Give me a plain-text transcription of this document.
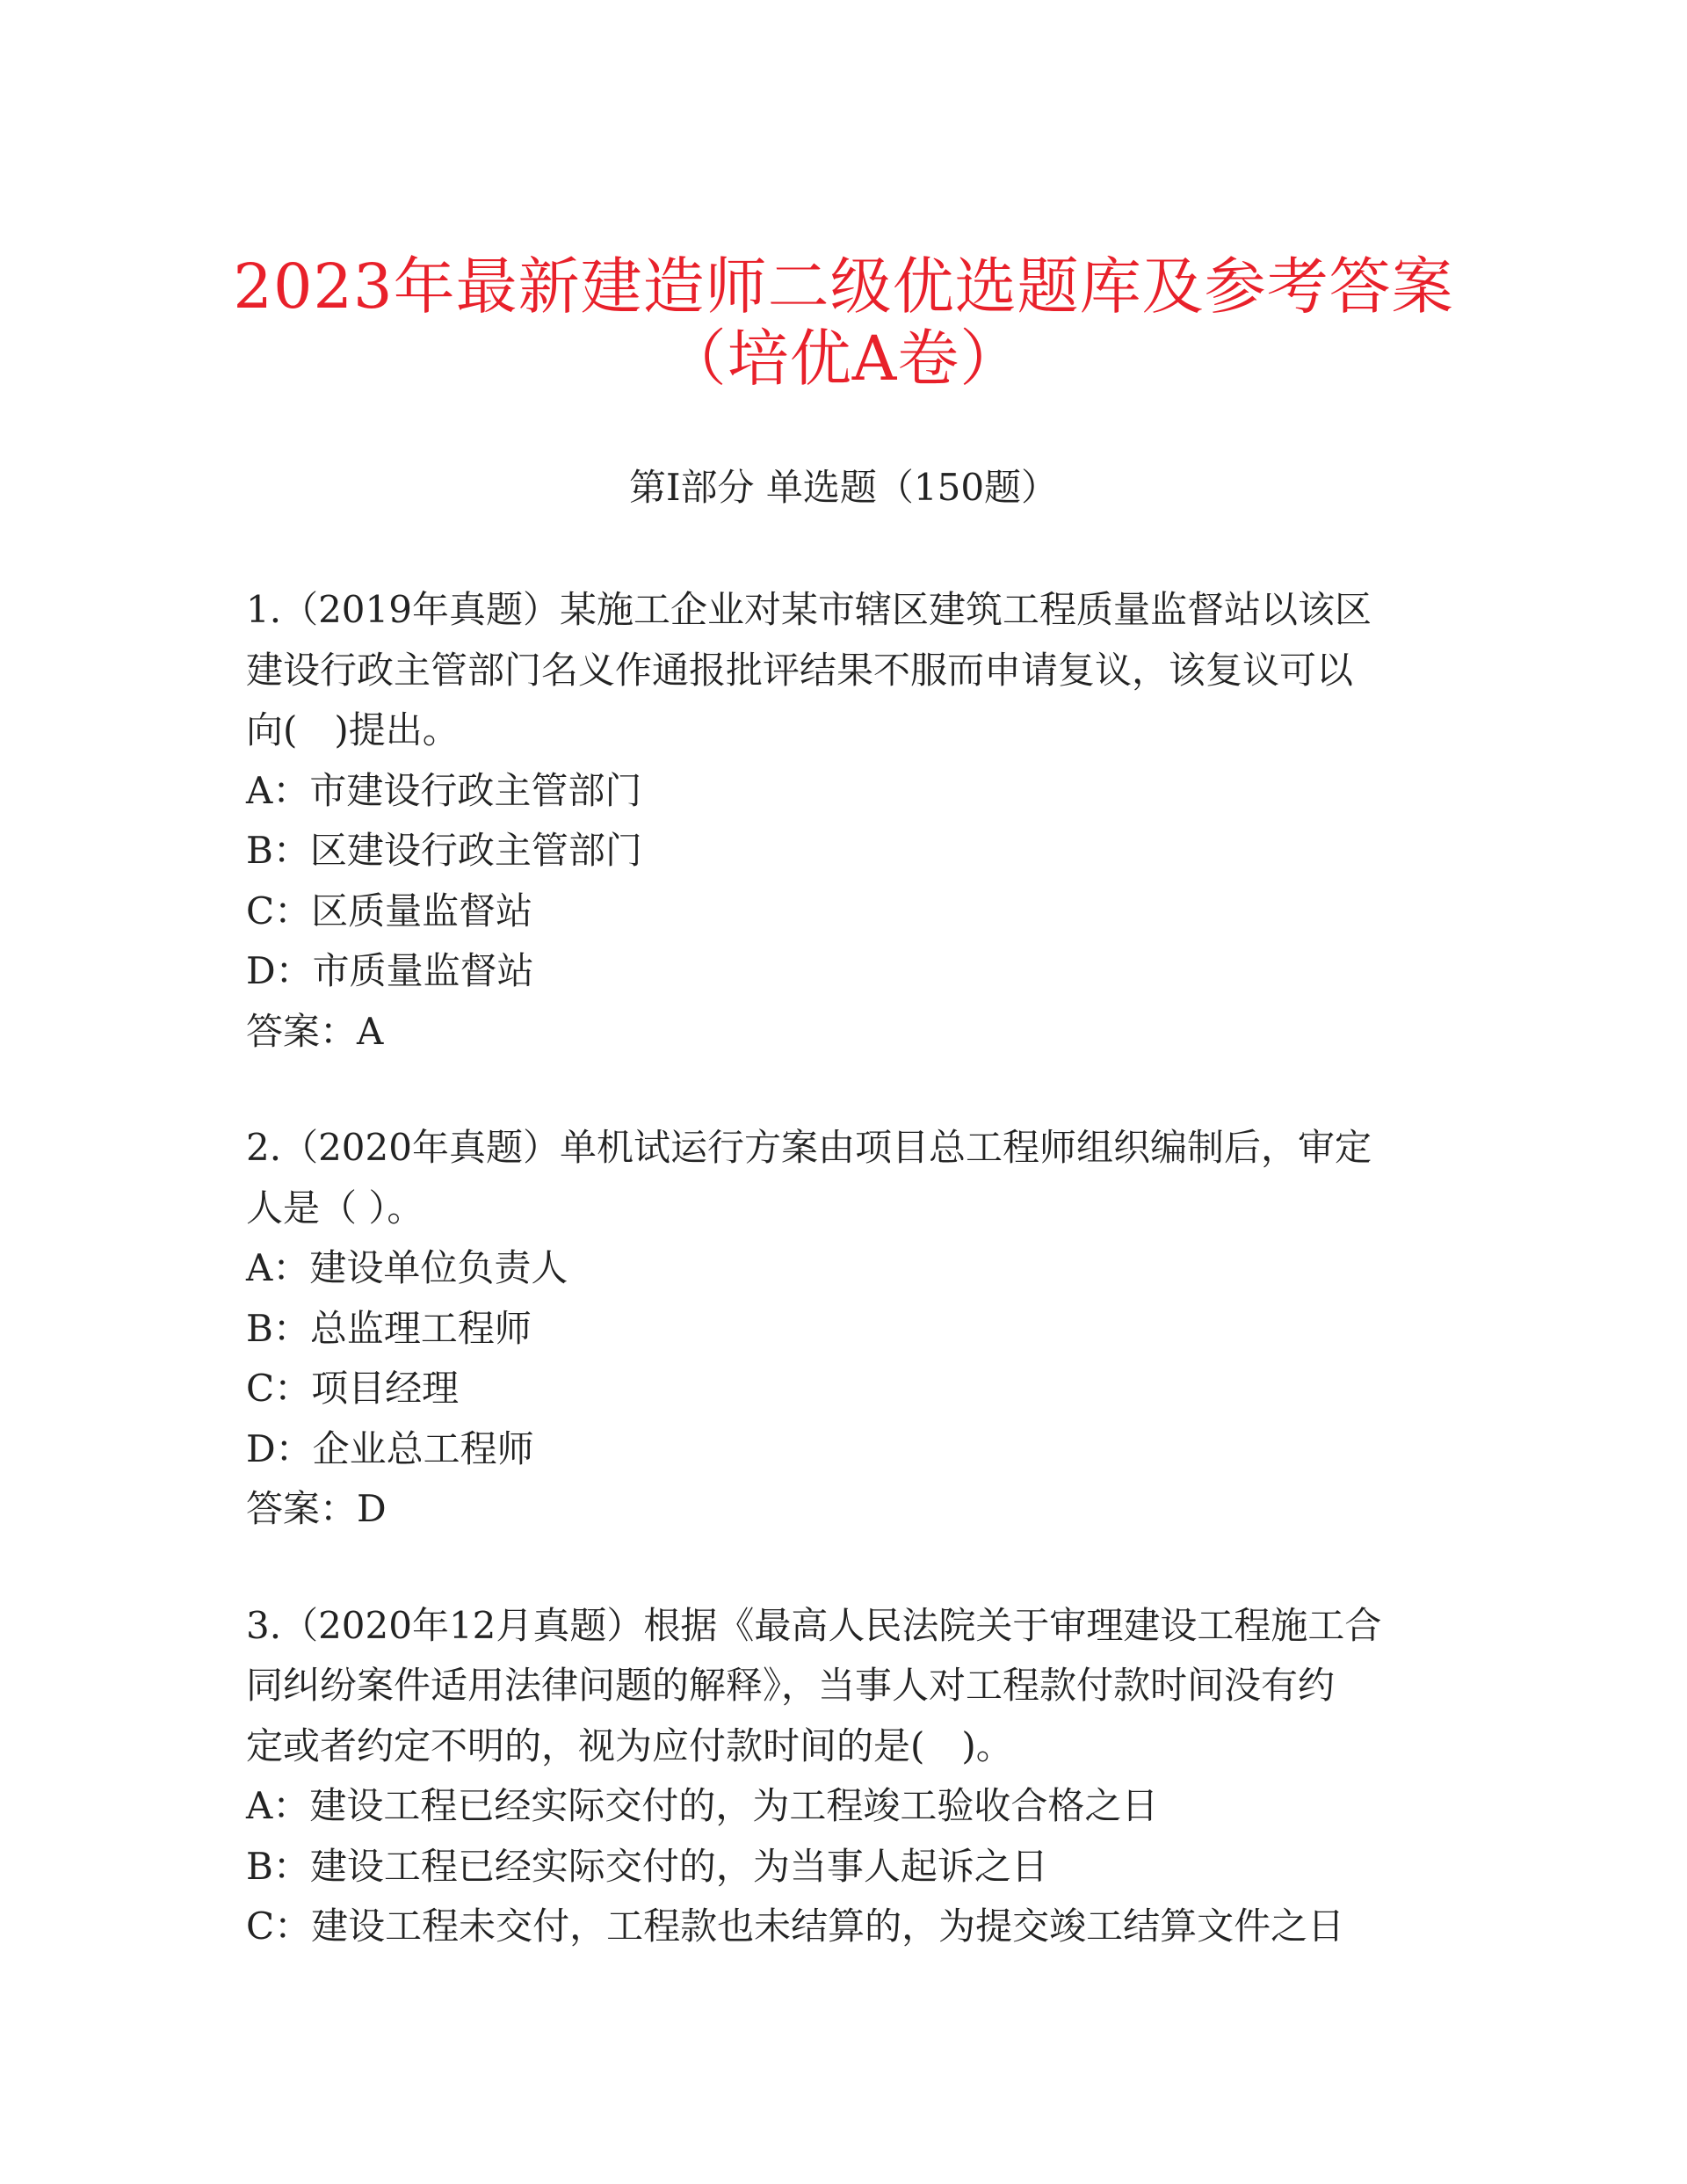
2023年最新建造师二级优选题库及参考答案
（培优A卷）
第I部分 单选题（150题）
1.（2019年真题）某施工企业对某市辖区建筑工程质量监督站以该区
建设行政主管部门名义作通报批评结果不服而申请复议，该复议可以
向(　)提出。
A：市建设行政主管部门
B：区建设行政主管部门
C：区质量监督站
D：市质量监督站
答案：A
2.（2020年真题）单机试运行方案由项目总工程师组织编制后，审定
人是（ ）。
A：建设单位负责人
B：总监理工程师
C：项目经理
D：企业总工程师
答案：D
3.（2020年12月真题）根据《最高人民法院关于审理建设工程施工合
同纠纷案件适用法律问题的解释》，当事人对工程款付款时间没有约
定或者约定不明的，视为应付款时间的是(　)。
A：建设工程已经实际交付的，为工程竣工验收合格之日
B：建设工程已经实际交付的，为当事人起诉之日
C：建设工程未交付，工程款也未结算的，为提交竣工结算文件之日
